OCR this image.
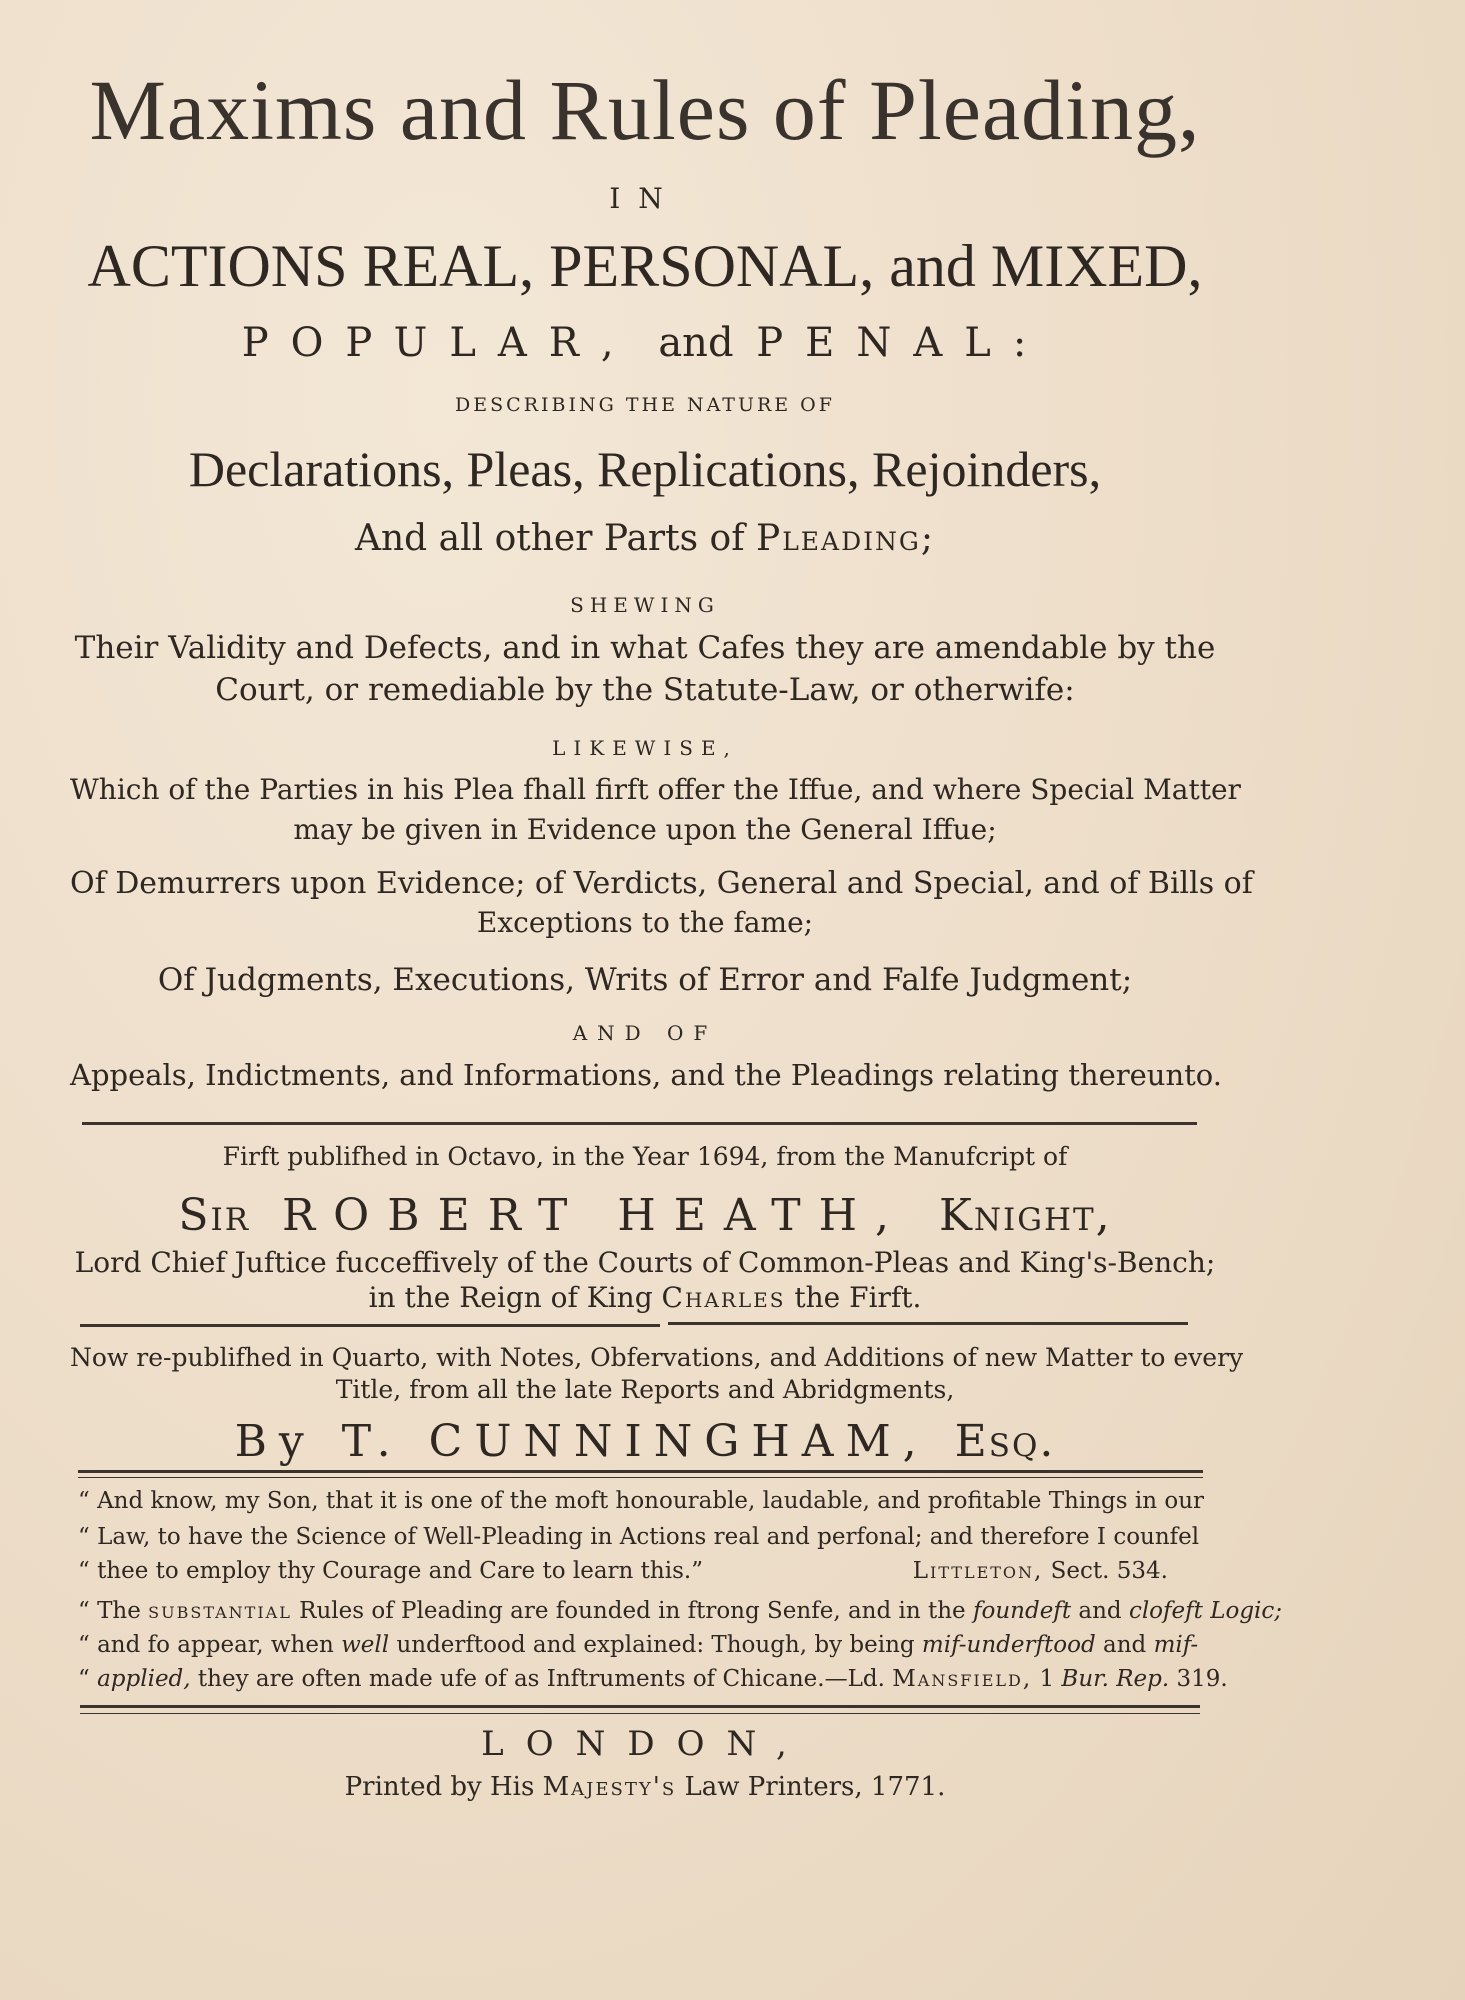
Maxims and Rules of Pleading,
IN
ACTIONS REAL, PERSONAL, and MIXED,
POPULAR, and PENAL:
DESCRIBING THE NATURE OF
Declarations, Pleas, Replications, Rejoinders,
And all other Parts of Pleading;
SHEWING
Their Validity and Defects, and in what Cafes they are amendable by the
Court, or remediable by the Statute-Law, or otherwife:
LIKEWISE,
Which of the Parties in his Plea fhall firft offer the Iffue, and where Special Matter
may be given in Evidence upon the General Iffue;
Of Demurrers upon Evidence; of Verdicts, General and Special, and of Bills of
Exceptions to the fame;
Of Judgments, Executions, Writs of Error and Falfe Judgment;
AND OF
Appeals, Indictments, and Informations, and the Pleadings relating thereunto.
Firft publifhed in Octavo, in the Year 1694, from the Manufcript of
Sir ROBERT HEATH, Knight,
Lord Chief Juftice fucceffively of the Courts of Common-Pleas and King's-Bench;
in the Reign of King Charles the Firft.
Now re-publifhed in Quarto, with Notes, Obfervations, and Additions of new Matter to every
Title, from all the late Reports and Abridgments,
By T. CUNNINGHAM, Esq.
“ And know, my Son, that it is one of the moft honourable, laudable, and profitable Things in our
“ Law, to have the Science of Well-Pleading in Actions real and perfonal; and therefore I counfel
“ thee to employ thy Courage and Care to learn this.”	Littleton, Sect. 534.
“ The substantial Rules of Pleading are founded in ftrong Senfe, and in the foundeft and clofeft Logic;
“ and fo appear, when well underftood and explained: Though, by being mif-underftood and mif-
“ applied, they are often made ufe of as Inftruments of Chicane.—Ld. Mansfield, 1 Bur. Rep. 319.
LONDON,
Printed by His Majesty's Law Printers, 1771.
